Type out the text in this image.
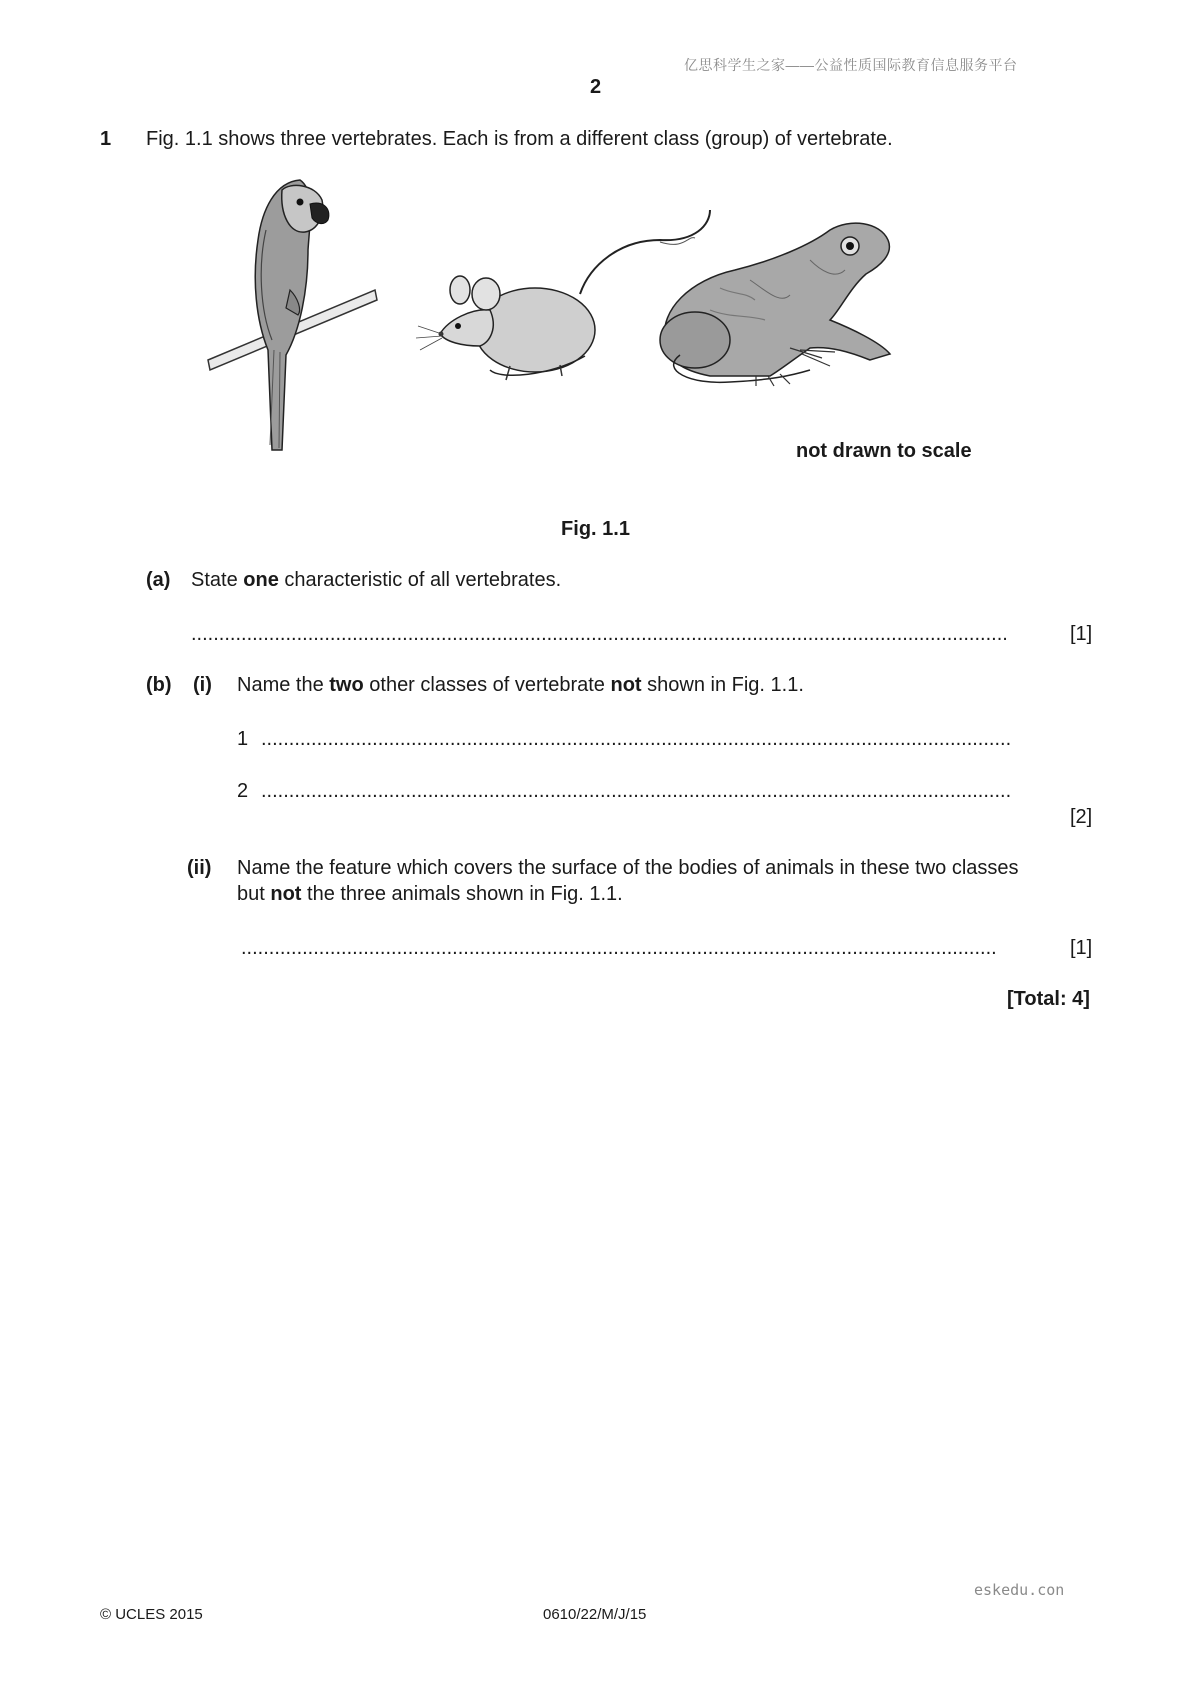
亿思科学生之家——公益性质国际教育信息服务平台
2
1 Fig. 1.1 shows three vertebrates. Each is from a different class (group) of vertebrate.
not drawn to scale
Fig. 1.1
(a) State one characteristic of all vertebrates.
...................................................................................................................................................	[1]
(b) (i) Name the two other classes of vertebrate not shown in Fig. 1.1.
1 .......................................................................................................................................
2 .......................................................................................................................................
[2]
(ii) Name the feature which covers the surface of the bodies of animals in these two classes
but not the three animals shown in Fig. 1.1.
........................................................................................................................................	[1]
[Total: 4]
eskedu.con
© UCLES 2015	0610/22/M/J/15
